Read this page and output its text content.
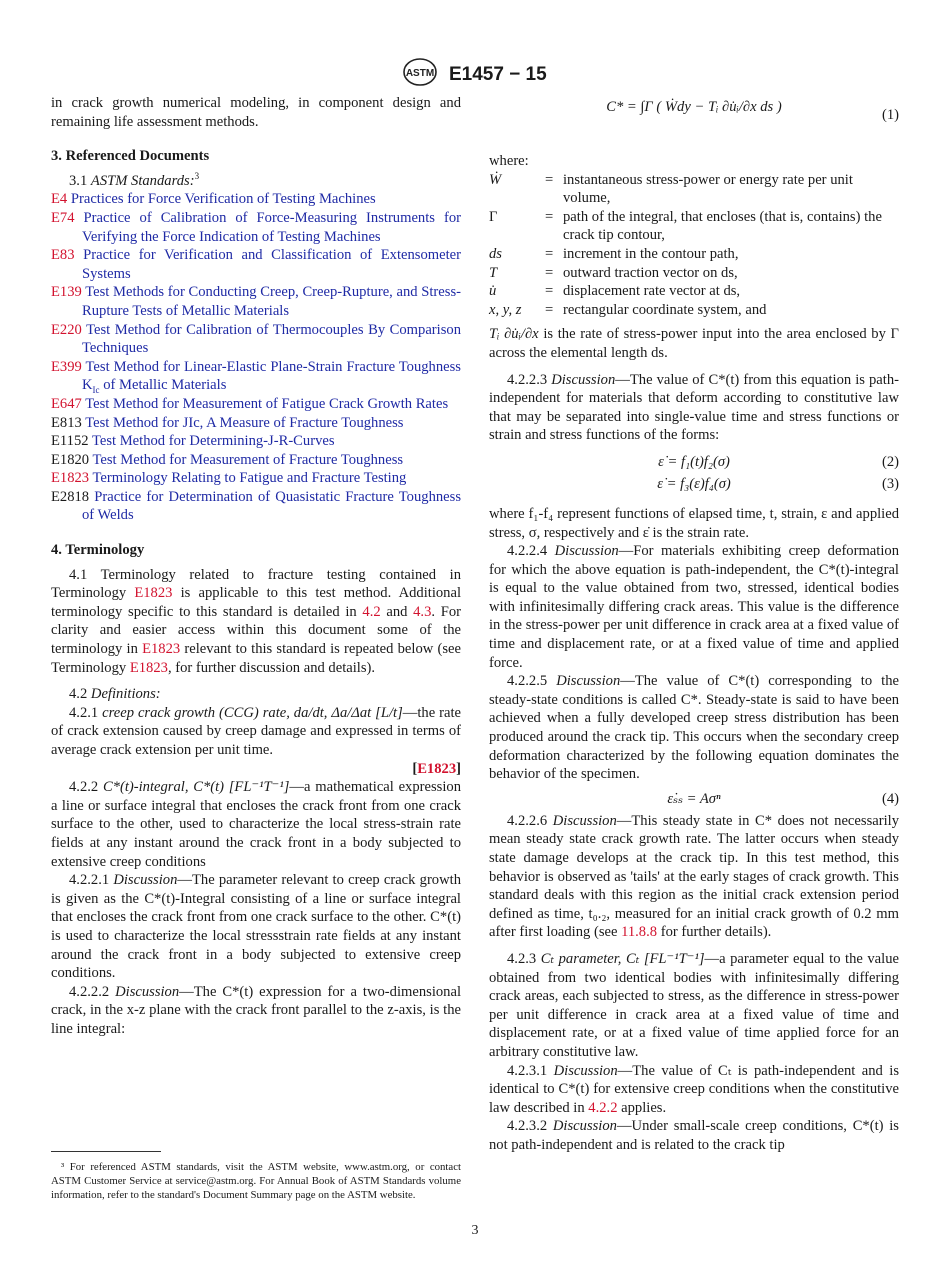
ASTM E1457 − 15

in crack growth numerical modeling, in component design and remaining life assessment methods.

3. Referenced Documents

3.1 ASTM Standards:$^3$

E4 Practices for Force Verification of Testing Machines

E74 Practice of Calibration of Force-Measuring Instruments for Verifying the Force Indication of Testing Machines

E83 Practice for Verification and Classification of Extensometer Systems

E139 Test Methods for Conducting Creep, Creep-Rupture, and Stress-Rupture Tests of Metallic Materials

E220 Test Method for Calibration of Thermocouples By Comparison Techniques

E399 Test Method for Linear-Elastic Plane-Strain Fracture Toughness $K_{Ic}$ of Metallic Materials

E647 Test Method for Measurement of Fatigue Crack Growth Rates

E813 Test Method for JIc, A Measure of Fracture Toughness

E1152 Test Method for Determining-J-R-Curves

E1820 Test Method for Measurement of Fracture Toughness

E1823 Terminology Relating to Fatigue and Fracture Testing

E2818 Practice for Determination of Quasistatic Fracture Toughness of Welds

4. Terminology

4.1 Terminology related to fracture testing contained in Terminology E1823 is applicable to this test method. Additional terminology specific to this standard is detailed in 4.2 and 4.3. For clarity and easier access within this document some of the terminology in E1823 relevant to this standard is repeated below (see Terminology E1823, for further discussion and details).

4.2 Definitions:

4.2.1 creep crack growth (CCG) rate, da/dt, Δa/Δat [L/t]—the rate of crack extension caused by creep damage and expressed in terms of average crack extension per unit time.

[E1823]

4.2.2 C*(t)-integral, C*(t) [FL⁻¹T⁻¹]—a mathematical expression a line or surface integral that encloses the crack front from one crack surface to the other, used to characterize the local stress-strain rate fields at any instant around the crack front in a body subjected to extensive creep conditions

4.2.2.1 Discussion—The parameter relevant to creep crack growth is given as the C*(t)-Integral consisting of a line or surface integral that encloses the crack front from one crack surface to the other. C*(t) is used to characterize the local stressstrain rate fields at any instant around the crack front in a body subjected to extensive creep conditions.

4.2.2.2 Discussion—The C*(t) expression for a two-dimensional crack, in the x-z plane with the crack front parallel to the z-axis, is the line integral:

³ For referenced ASTM standards, visit the ASTM website, www.astm.org, or contact ASTM Customer Service at service@astm.org. For Annual Book of ASTM Standards volume information, refer to the standard's Document Summary page on the ASTM website.

C* = ∫Γ ( Ẇdy − Tᵢ ∂u̇ᵢ/∂x ds )	(1)

where:

Ẇ	= instantaneous stress-power or energy rate per unit volume,
Γ	= path of the integral, that encloses (that is, contains) the crack tip contour,
ds	= increment in the contour path,
T	= outward traction vector on ds,
u̇	= displacement rate vector at ds,
x, y, z	= rectangular coordinate system, and

Tᵢ ∂u̇ᵢ/∂x is the rate of stress-power input into the area enclosed by Γ across the elemental length ds.

4.2.2.3 Discussion—The value of C*(t) from this equation is path-independent for materials that deform according to constitutive law that may be separated into single-value time and stress functions or strain and stress functions of the forms:

ε̇ = f₁(t)f₂(σ)	(2)
ε̇ = f₃(ε)f₄(σ)	(3)

where f₁-f₄ represent functions of elapsed time, t, strain, ε and applied stress, σ, respectively and ε̇ is the strain rate.

4.2.2.4 Discussion—For materials exhibiting creep deformation for which the above equation is path-independent, the C*(t)-integral is equal to the value obtained from two, stressed, identical bodies with infinitesimally differing crack areas. This value is the difference in the stress-power per unit difference in crack area at a fixed value of time and displacement rate, or at a fixed value of time and applied force.

4.2.2.5 Discussion—The value of C*(t) corresponding to the steady-state conditions is called C*. Steady-state is said to have been achieved when a fully developed creep stress distribution has been produced around the crack tip. This occurs when the secondary creep deformation characterized by the following equation dominates the behavior of the specimen.

ε̇ₛₛ = Aσⁿ	(4)

4.2.2.6 Discussion—This steady state in C* does not necessarily mean steady state crack growth rate. The latter occurs when steady state damage develops at the crack tip. In this test method, this behavior is observed as 'tails' at the early stages of crack growth. This standard deals with this region as the initial crack extension period defined as time, t₀.₂, measured for an initial crack growth of 0.2 mm after first loading (see 11.8.8 for further details).

4.2.3 Cₜ parameter, Cₜ [FL⁻¹T⁻¹]—a parameter equal to the value obtained from two identical bodies with infinitesimally differing crack areas, each subjected to stress, as the difference in stress-power per unit difference in crack area at a fixed value of time and displacement rate, or at a fixed value of time applied force for an arbitrary constitutive law.

4.2.3.1 Discussion—The value of Cₜ is path-independent and is identical to C*(t) for extensive creep conditions when the constitutive law described in 4.2.2 applies.

4.2.3.2 Discussion—Under small-scale creep conditions, C*(t) is not path-independent and is related to the crack tip

3
